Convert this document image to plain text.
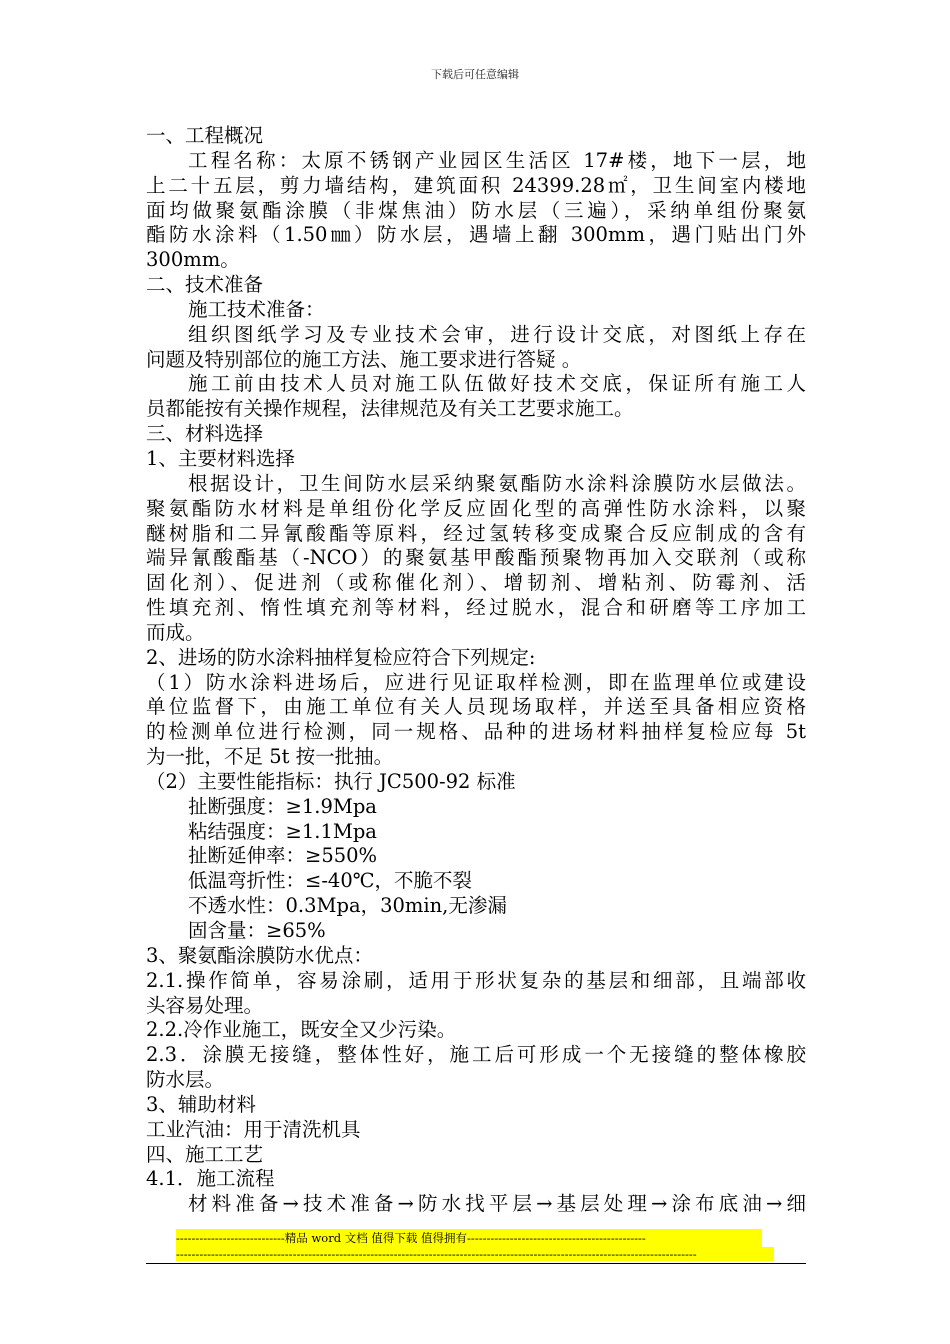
下载后可任意编辑
一、工程概况
工程名称：太原不锈钢产业园区生活区 17#楼，地下一层，地
上二十五层，剪力墙结构，建筑面积 24399.28㎡，卫生间室内楼地
面均做聚氨酯涂膜（非煤焦油）防水层（三遍），采纳单组份聚氨
酯防水涂料（1.50㎜）防水层，遇墙上翻 300mm，遇门贴出门外
300mm。
二、技术准备
施工技术准备：
组织图纸学习及专业技术会审，进行设计交底，对图纸上存在
问题及特别部位的施工方法、施工要求进行答疑 。
施工前由技术人员对施工队伍做好技术交底，保证所有施工人
员都能按有关操作规程，法律规范及有关工艺要求施工。
三、材料选择
1、主要材料选择
根据设计，卫生间防水层采纳聚氨酯防水涂料涂膜防水层做法。
聚氨酯防水材料是单组份化学反应固化型的高弹性防水涂料，以聚
醚树脂和二异氰酸酯等原料，经过氢转移变成聚合反应制成的含有
端异氰酸酯基（-NCO）的聚氨基甲酸酯预聚物再加入交联剂（或称
固化剂）、促进剂（或称催化剂）、增韧剂、增粘剂、防霉剂、活
性填充剂、惰性填充剂等材料，经过脱水，混合和研磨等工序加工
而成。
2、进场的防水涂料抽样复检应符合下列规定:
（1）防水涂料进场后，应进行见证取样检测，即在监理单位或建设
单位监督下，由施工单位有关人员现场取样，并送至具备相应资格
的检测单位进行检测，同一规格、品种的进场材料抽样复检应每 5t
为一批，不足 5t 按一批抽。
（2）主要性能指标：执行 JC500-92 标准
扯断强度：≥1.9Mpa
粘结强度：≥1.1Mpa
扯断延伸率：≥550%
低温弯折性：≤-40℃，不脆不裂
不透水性：0.3Mpa，30min,无渗漏
固含量：≥65%
3、聚氨酯涂膜防水优点：
2.1.操作简单，容易涂刷，适用于形状复杂的基层和细部，且端部收
头容易处理。
2.2.冷作业施工，既安全又少污染。
2.3．涂膜无接缝，整体性好，施工后可形成一个无接缝的整体橡胶
防水层。
3、辅助材料
工业汽油：用于清洗机具
四、施工工艺
4.1．施工流程
材料准备→技术准备→防水找平层→基层处理→涂布底油→细
----------------------------精品 word 文档 值得下载 值得拥有----------------------------------------------
--------------------------------------------------------------------------------------------------------------------------------------
